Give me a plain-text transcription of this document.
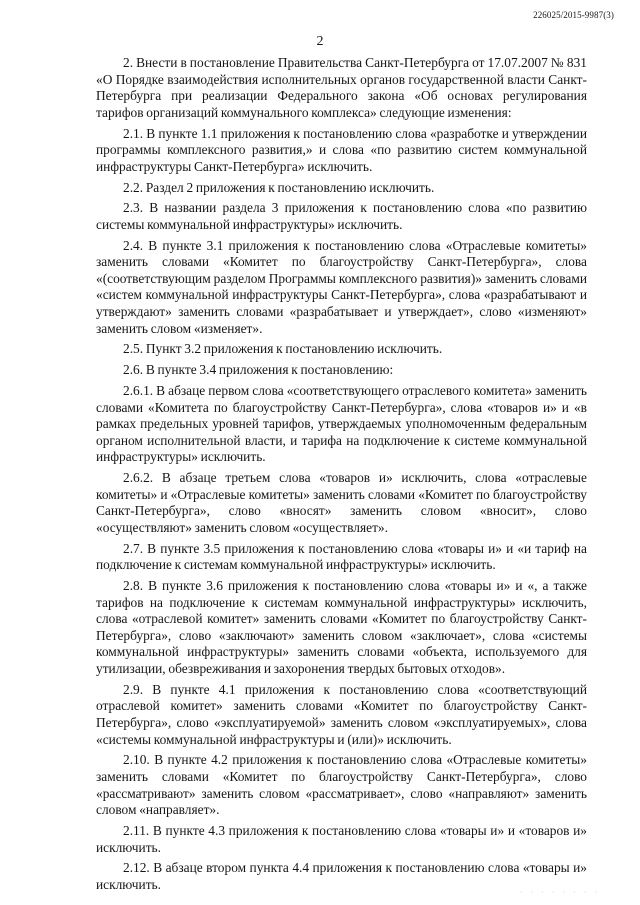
226025/2015-9987(3)
2

2. Внести в постановление Правительства Санкт-Петербурга от 17.07.2007 № 831 «О Порядке взаимодействия исполнительных органов государственной власти Санкт-Петербурга при реализации Федерального закона «Об основах регулирования тарифов организаций коммунального комплекса» следующие изменения:

2.1. В пункте 1.1 приложения к постановлению слова «разработке и утверждении программы комплексного развития,» и слова «по развитию систем коммунальной инфраструктуры Санкт-Петербурга» исключить.

2.2. Раздел 2 приложения к постановлению исключить.

2.3. В названии раздела 3 приложения к постановлению слова «по развитию системы коммунальной инфраструктуры» исключить.

2.4. В пункте 3.1 приложения к постановлению слова «Отраслевые комитеты» заменить словами «Комитет по благоустройству Санкт-Петербурга», слова «(соответствующим разделом Программы комплексного развития)» заменить словами «систем коммунальной инфраструктуры Санкт-Петербурга», слова «разрабатывают и утверждают» заменить словами «разрабатывает и утверждает», слово «изменяют» заменить словом «изменяет».

2.5. Пункт 3.2 приложения к постановлению исключить.

2.6. В пункте 3.4 приложения к постановлению:

2.6.1. В абзаце первом слова «соответствующего отраслевого комитета» заменить словами «Комитета по благоустройству Санкт-Петербурга», слова «товаров и» и «в рамках предельных уровней тарифов, утверждаемых уполномоченным федеральным органом исполнительной власти, и тарифа на подключение к системе коммунальной инфраструктуры» исключить.

2.6.2. В абзаце третьем слова «товаров и» исключить, слова «отраслевые комитеты» и «Отраслевые комитеты» заменить словами «Комитет по благоустройству Санкт-Петербурга», слово «вносят» заменить словом «вносит», слово «осуществляют» заменить словом «осуществляет».

2.7. В пункте 3.5 приложения к постановлению слова «товары и» и «и тариф на подключение к системам коммунальной инфраструктуры» исключить.

2.8. В пункте 3.6 приложения к постановлению слова «товары и» и «, а также тарифов на подключение к системам коммунальной инфраструктуры» исключить, слова «отраслевой комитет» заменить словами «Комитет по благоустройству Санкт-Петербурга», слово «заключают» заменить словом «заключает», слова «системы коммунальной инфраструктуры» заменить словами «объекта, используемого для утилизации, обезвреживания и захоронения твердых бытовых отходов».

2.9. В пункте 4.1 приложения к постановлению слова «соответствующий отраслевой комитет» заменить словами «Комитет по благоустройству Санкт-Петербурга», слово «эксплуатируемой» заменить словом «эксплуатируемых», слова «системы коммунальной инфраструктуры и (или)» исключить.

2.10. В пункте 4.2 приложения к постановлению слова «Отраслевые комитеты» заменить словами «Комитет по благоустройству Санкт-Петербурга», слово «рассматривают» заменить словом «рассматривает», слово «направляют» заменить словом «направляет».

2.11. В пункте 4.3 приложения к постановлению слова «товары и» и «товаров и» исключить.

2.12. В абзаце втором пункта 4.4 приложения к постановлению слова «товары и» исключить.

· · · · · · · ·
